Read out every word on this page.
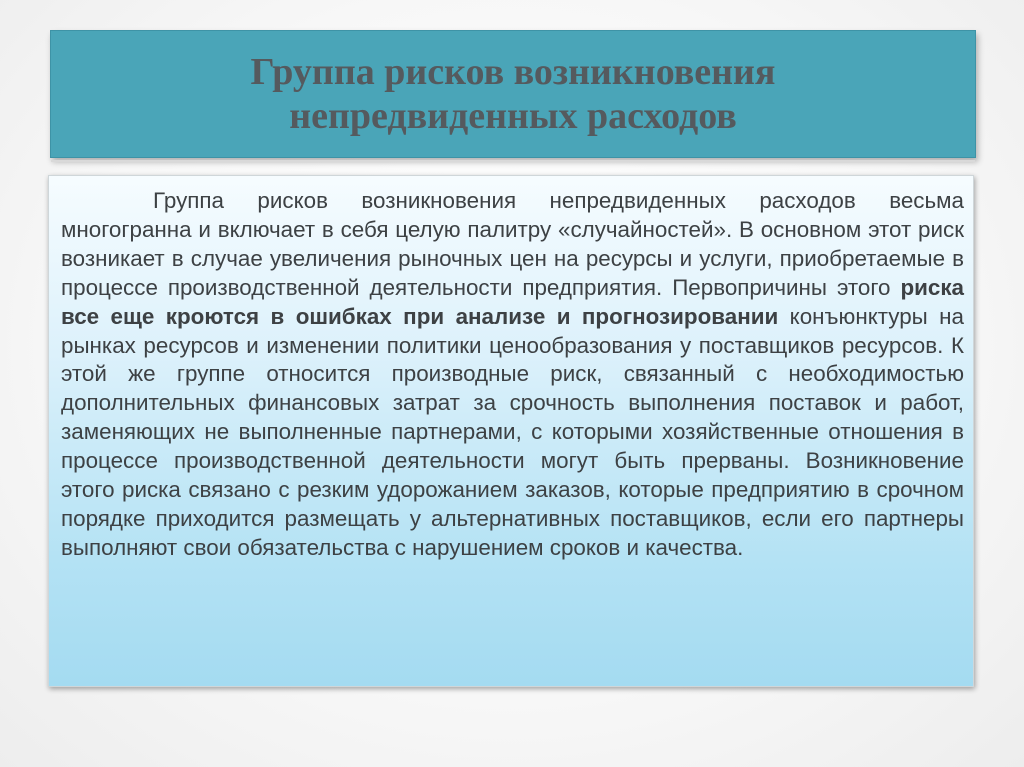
Группа рисков возникновения
непредвиденных расходов

Группа рисков возникновения непредвиденных расходов весьма многогранна и включает в себя целую палитру «случайностей». В основном этот риск возникает в случае увеличения рыночных цен на ресурсы и услуги, приобретаемые в процессе производственной деятельности предприятия. Первопричины этого риска все еще кроются в ошибках при анализе и прогнозировании конъюнктуры на рынках ресурсов и изменении политики ценообразования у поставщиков ресурсов. К этой же группе относится производные риск, связанный с необходимостью дополнительных финансовых затрат за срочность выполнения поставок и работ, заменяющих не выполненные партнерами, с которыми хозяйственные отношения в процессе производственной деятельности могут быть прерваны. Возникновение этого риска связано с резким удорожанием заказов, которые предприятию в срочном порядке приходится размещать у альтернативных поставщиков, если его партнеры выполняют свои обязательства с нарушением сроков и качества.
